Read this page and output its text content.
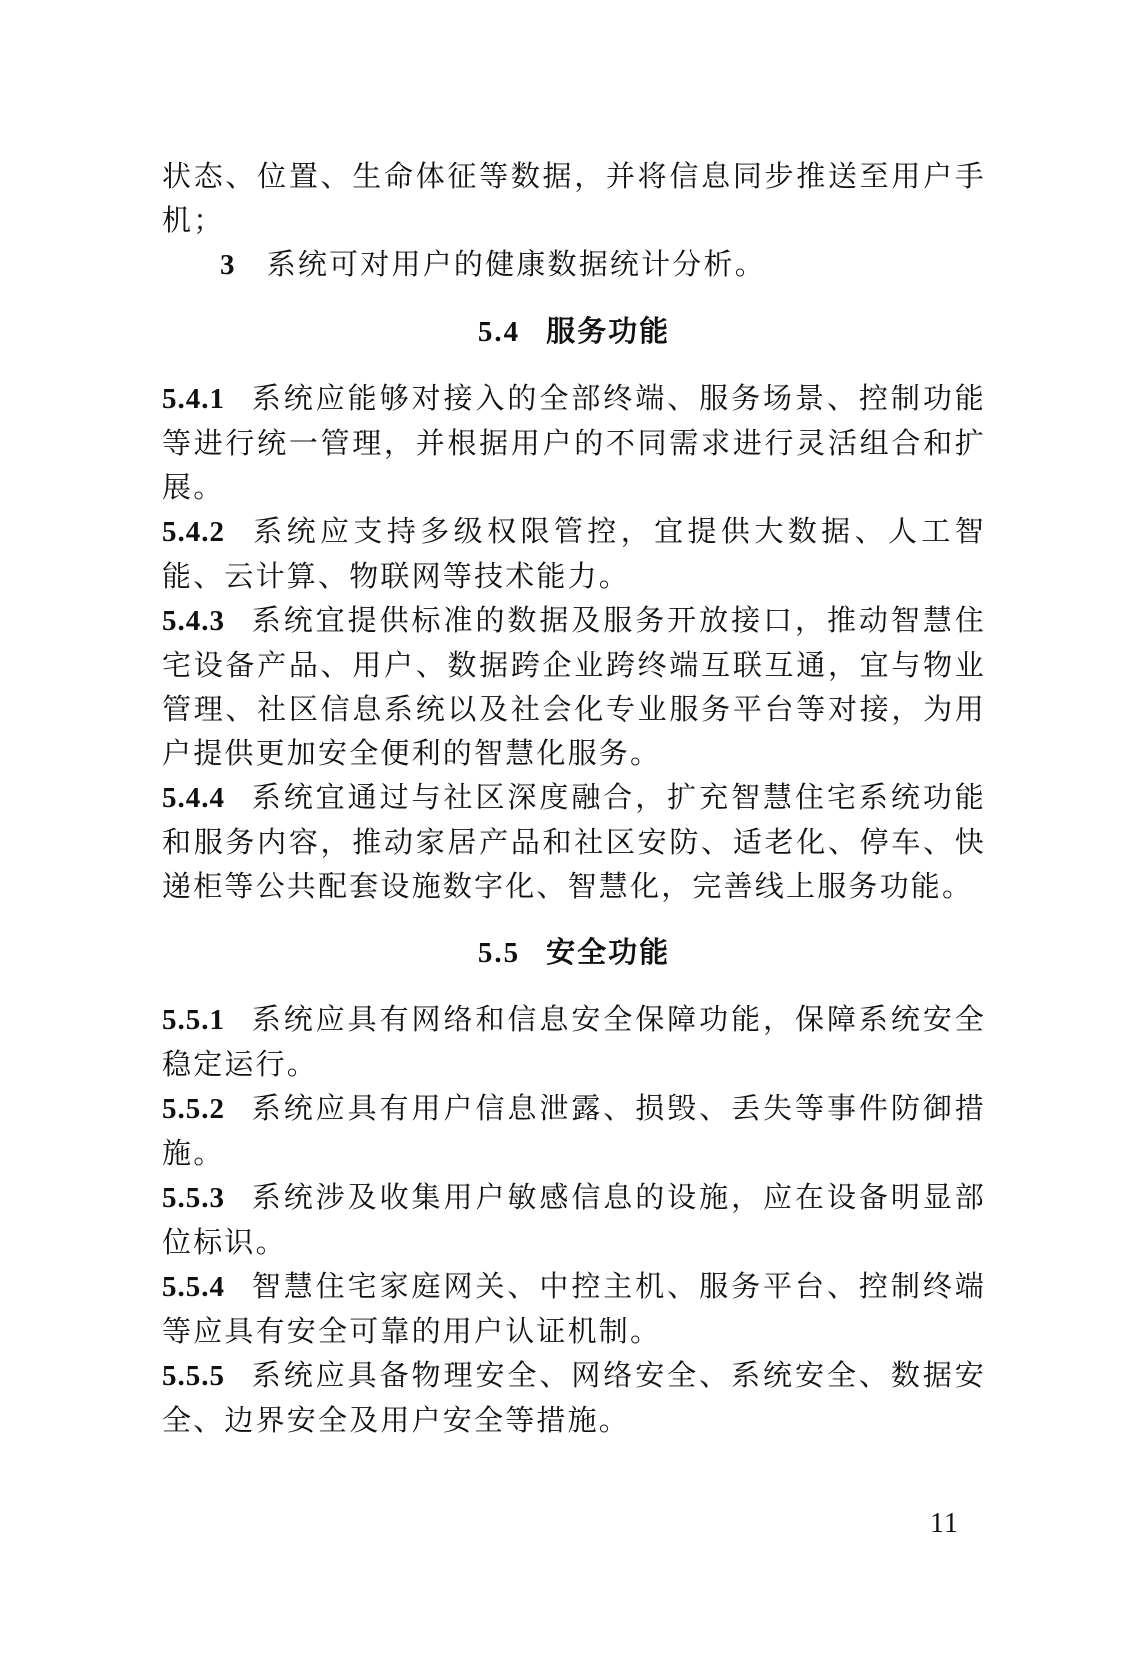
状态、位置、生命体征等数据，并将信息同步推送至用户手机；

3 系统可对用户的健康数据统计分析。

5.4 服务功能

5.4.1 系统应能够对接入的全部终端、服务场景、控制功能等进行统一管理，并根据用户的不同需求进行灵活组合和扩展。

5.4.2 系统应支持多级权限管控，宜提供大数据、人工智能、云计算、物联网等技术能力。

5.4.3 系统宜提供标准的数据及服务开放接口，推动智慧住宅设备产品、用户、数据跨企业跨终端互联互通，宜与物业管理、社区信息系统以及社会化专业服务平台等对接，为用户提供更加安全便利的智慧化服务。

5.4.4 系统宜通过与社区深度融合，扩充智慧住宅系统功能和服务内容，推动家居产品和社区安防、适老化、停车、快递柜等公共配套设施数字化、智慧化，完善线上服务功能。

5.5 安全功能

5.5.1 系统应具有网络和信息安全保障功能，保障系统安全稳定运行。

5.5.2 系统应具有用户信息泄露、损毁、丢失等事件防御措施。

5.5.3 系统涉及收集用户敏感信息的设施，应在设备明显部位标识。

5.5.4 智慧住宅家庭网关、中控主机、服务平台、控制终端等应具有安全可靠的用户认证机制。

5.5.5 系统应具备物理安全、网络安全、系统安全、数据安全、边界安全及用户安全等措施。

11
